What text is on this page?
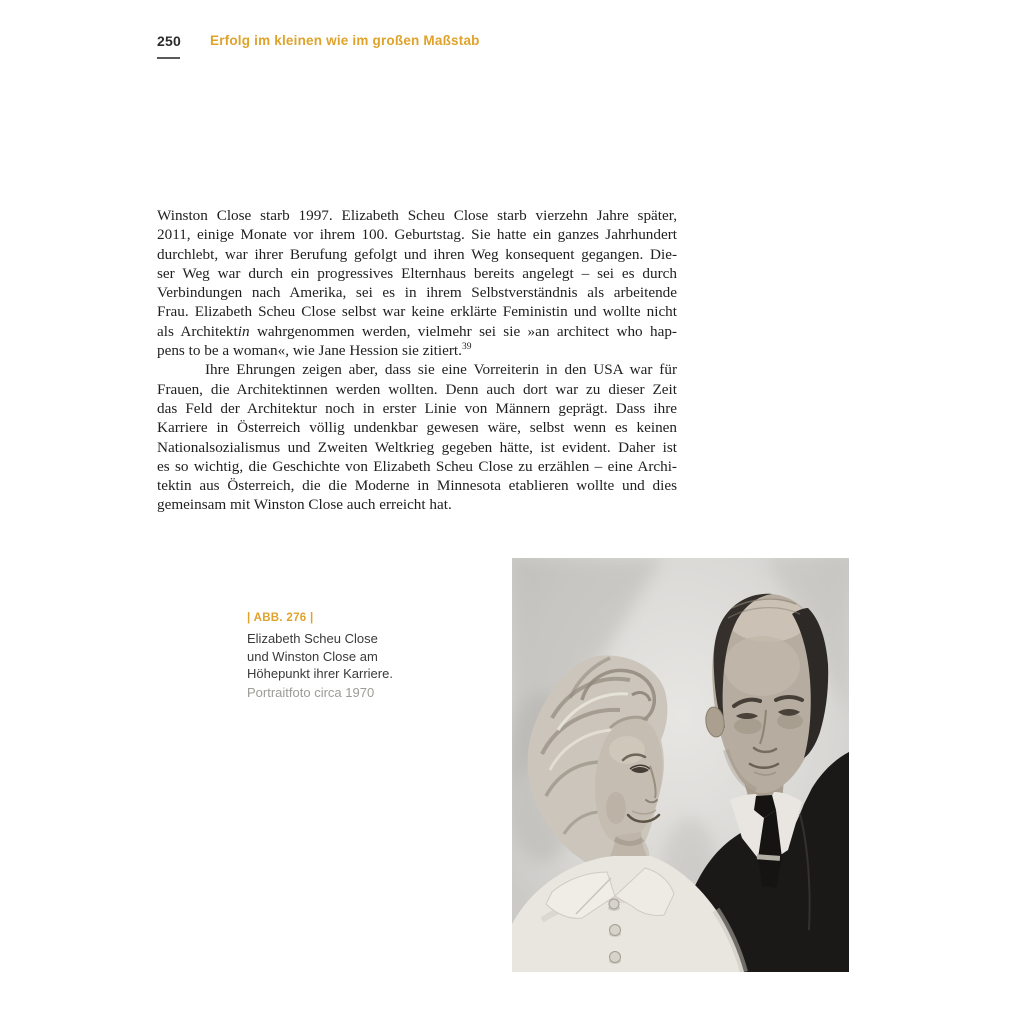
250 Erfolg im kleinen wie im großen Maßstab
Winston Close starb 1997. Elizabeth Scheu Close starb vierzehn Jahre später,
2011, einige Monate vor ihrem 100. Geburtstag. Sie hatte ein ganzes Jahrhundert
durchlebt, war ihrer Berufung gefolgt und ihren Weg konsequent gegangen. Die-
ser Weg war durch ein progressives Elternhaus bereits angelegt – sei es durch
Verbindungen nach Amerika, sei es in ihrem Selbstverständnis als arbeitende
Frau. Elizabeth Scheu Close selbst war keine erklärte Feministin und wollte nicht
als Architektin wahrgenommen werden, vielmehr sei sie »an architect who hap-
pens to be a woman«, wie Jane Hession sie zitiert.$^{39}$
Ihre Ehrungen zeigen aber, dass sie eine Vorreiterin in den USA war für
Frauen, die Architektinnen werden wollten. Denn auch dort war zu dieser Zeit
das Feld der Architektur noch in erster Linie von Männern geprägt. Dass ihre
Karriere in Österreich völlig undenkbar gewesen wäre, selbst wenn es keinen
Nationalsozialismus und Zweiten Weltkrieg gegeben hätte, ist evident. Daher ist
es so wichtig, die Geschichte von Elizabeth Scheu Close zu erzählen – eine Archi-
tektin aus Österreich, die die Moderne in Minnesota etablieren wollte und dies
gemeinsam mit Winston Close auch erreicht hat.
| ABB. 276 |
Elizabeth Scheu Close
und Winston Close am
Höhepunkt ihrer Karriere.
Portraitfoto circa 1970
